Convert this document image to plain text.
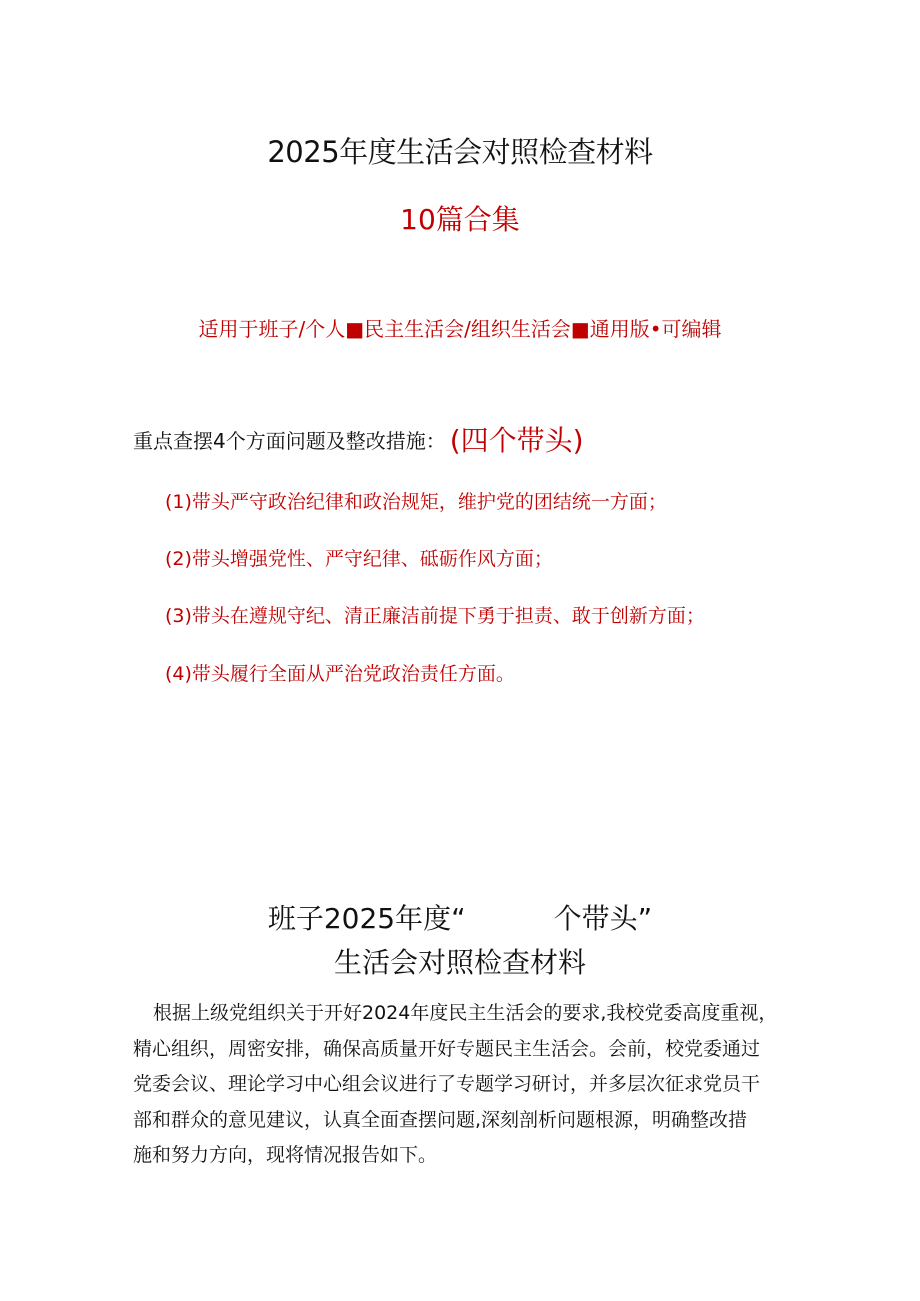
2025年度生活会对照检查材料
10篇合集
适用于班子/个人■民主生活会/组织生活会■通用版•可编辑
重点查摆4个方面问题及整改措施： (四个带头)
(1)带头严守政治纪律和政治规矩，维护党的团结统一方面；
(2)带头增强党性、严守纪律、砥砺作风方面；
(3)带头在遵规守纪、清正廉洁前提下勇于担责、敢于创新方面；
(4)带头履行全面从严治党政治责任方面。
班子2025年度“	个带头”
生活会对照检查材料
根据上级党组织关于开好2024年度民主生活会的要求,我校党委高度重视，
精心组织，周密安排，确保高质量开好专题民主生活会。会前，校党委通过
党委会议、理论学习中心组会议进行了专题学习研讨，并多层次征求党员干
部和群众的意见建议，认真全面查摆问题,深刻剖析问题根源，明确整改措
施和努力方向，现将情况报告如下。
